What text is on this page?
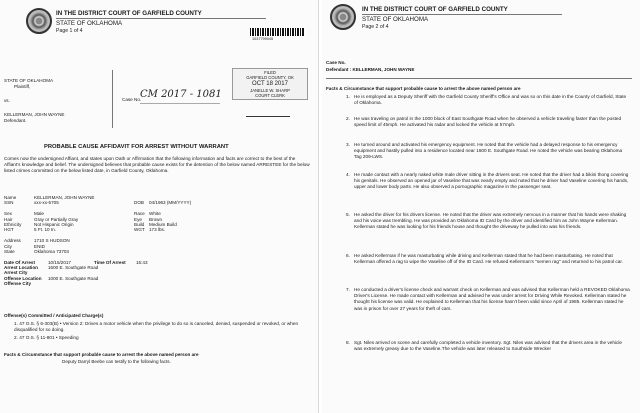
IN THE DISTRICT COURT OF GARFIELD COUNTY
STATE OF OKLAHOMA
Page 1 of 4
1037799045
STATE OF OKLAHOMA
Plaintiff,
vs.
KELLERMAN, JOHN WAYNE
Defendant.
Case No.
CM 2017 - 1081
FILED
GARFIELD COUNTY, OK
OCT 18 2017
JANELLE W. SHARP
COURT CLERK
PROBABLE CAUSE AFFIDAVIT FOR ARREST WITHOUT WARRANT
Comes now the undersigned Affiant, and states upon Oath or Affirmation that the following information and facts are correct to the best of the Affiant's knowledge and belief. The undersigned believes that probable cause exists for the detention of the below named ARRESTEE for the below listed crimes committed on the below listed date, in Garfield County, Oklahoma.
Name	KELLERMAN, JOHN WAYNE
SSN	xxx-xx-5705	DOB 04/1963 (MM/YYYY)
Sex	Male	Race White
Hair	Gray or Partially Gray	Eye Brown
Ethnicity	Not Hispanic Origin	Build Medium Build
HGT	5 Ft. 10 In.	WGT 173 lbs.
Address	1710 S HUDSON
City	ENID
State	Oklahoma 73703
Date Of Arrest	10/15/2017	Time Of Arrest 15:43
Arrest Location 1600 E. Southgate Road
Arrest City
Offense Location 1000 E. Southgate Road
Offense City
Offense(s) Committed / Anticipated Charge(s)
1. 47 O.S. § 6-303(B) • Version 2: Drives a motor vehicle when the privilege to do so is canceled, denied, suspended or revoked, or when disqualified for so doing.
2. 47 O.S. § 11-801 • Speeding
Facts & Circumstance that support probable cause to arrest the above named person are
Deputy Darryl Beebe can testify to the following facts.
IN THE DISTRICT COURT OF GARFIELD COUNTY
STATE OF OKLAHOMA
Page 2 of 4
Case No.
Defendant : KELLERMAN, JOHN WAYNE
Facts & Circumstance that support probable cause to arrest the above named person are
1. He is employed as a Deputy Sheriff with the Garfield County Sheriff's Office and was so on this date in the County of Garfield, State of Oklahoma.
2. He was traveling on patrol in the 1000 block of East Southgate Road when he observed a vehicle traveling faster than the posted speed limit of 45mph. He activated his radar and locked the vehicle at 57mph.
3. He turned around and activated his emergency equipment. He noted that the vehicle had a delayed response to his emergency equipment and hastily pulled into a residence located near 1600 E. Southgate Road. He noted the vehicle was bearing Oklahoma Tag 209-LWS.
4. He made contact with a nearly naked white male driver sitting in the drivers seat. He noted that the driver had a bikini thong covering his genitals. He observed an opened jar of Vaseline that was nearly empty and noted that he driver had Vaseline covering his hands, upper and lower body parts. He also observed a pornographic magazine in the passenger seat.
5. He asked the driver for his drivers license. He noted that the driver was extremely nervous in a manner that his hands were shaking and his voice was trembling. He was provided an Oklahoma ID Card by the driver and identified him as John Wayne Kellerman. Kellerman stated he was looking for his friends house and thought the driveway he pulled into was his friends.
6. He asked Kellerman if he was masturbating while driving and Kellerman stated that he had been masturbating. He noted that Kellerman offered a rag to wipe the Vaseline off of the ID Card. He refused Kellerman's "semen rag" and returned to his patrol car.
7. He conducted a driver's license check and warrant check on Kellerman and was advised that Kellerman held a REVOKED Oklahoma Driver's License. He made contact with Kellerman and advised he was under arrest for Driving While Revoked. Kellerman stated he thought his license was valid. He explained to Kellerman that his license hasn't been valid since April of 1985. Kellerman stated he was in prison for over 27 years for theft of cars.
8. Sgt. Niles arrived on scene and carefully completed a vehicle inventory. Sgt. Niles was advised that the drivers area in the vehicle was extremely greasy due to the Vaseline.The vehicle was later released to Southside Wrecker
